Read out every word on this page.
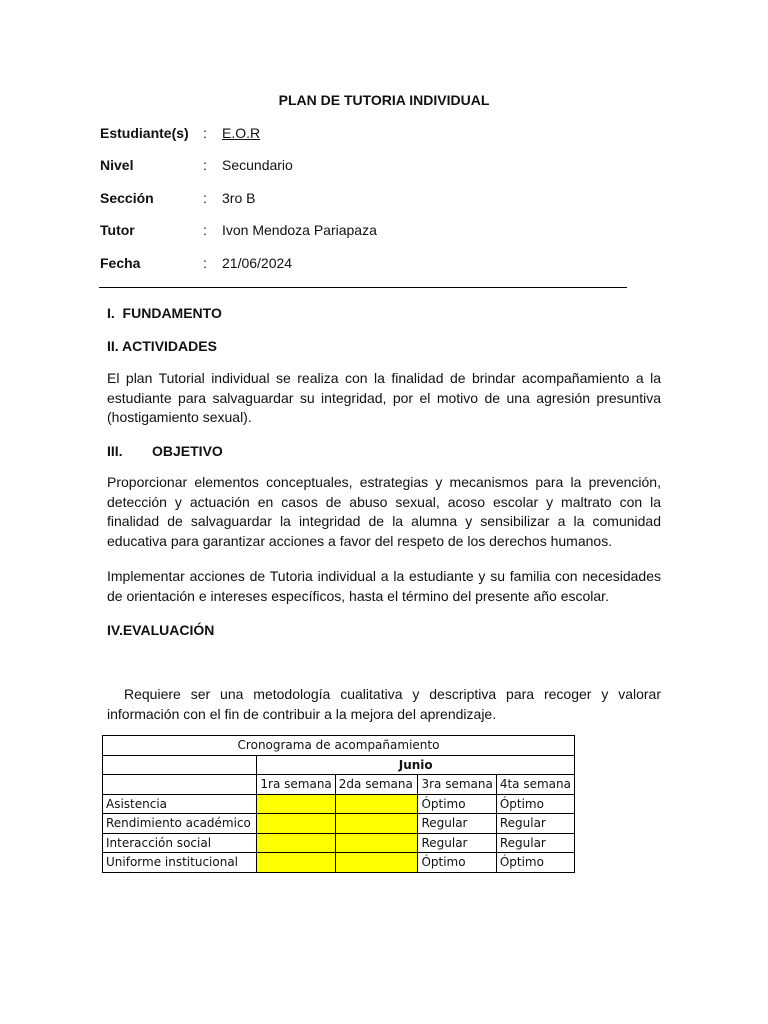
PLAN DE TUTORIA INDIVIDUAL
Estudiante(s) : E.O.R
Nivel	: Secundario
Sección	: 3ro B
Tutor	: Ivon Mendoza Pariapaza
Fecha	: 21/06/2024
I.  FUNDAMENTO
II. ACTIVIDADES
El plan Tutorial individual se realiza con la finalidad de brindar acompañamiento a la estudiante para salvaguardar su integridad, por el motivo de una agresión presuntiva (hostigamiento sexual).
III. OBJETIVO
Proporcionar elementos conceptuales, estrategias y mecanismos para la prevención, detección y actuación en casos de abuso sexual, acoso escolar y maltrato con la finalidad de salvaguardar la integridad de la alumna y sensibilizar a la comunidad educativa para garantizar acciones a favor del respeto de los derechos humanos.
Implementar acciones de Tutoria individual a la estudiante y su familia con necesidades de orientación e intereses específicos, hasta el término del presente año escolar.
IV.EVALUACIÓN
Requiere ser una metodología cualitativa y descriptiva para recoger y valorar información con el fin de contribuir a la mejora del aprendizaje.
Cronograma de acompañamiento				
	Junio			
	1ra semana	2da semana	3ra semana	4ta semana
Asistencia			Óptimo	Óptimo
Rendimiento académico			Regular	Regular
Interacción social			Regular	Regular
Uniforme institucional			Óptimo	Óptimo
